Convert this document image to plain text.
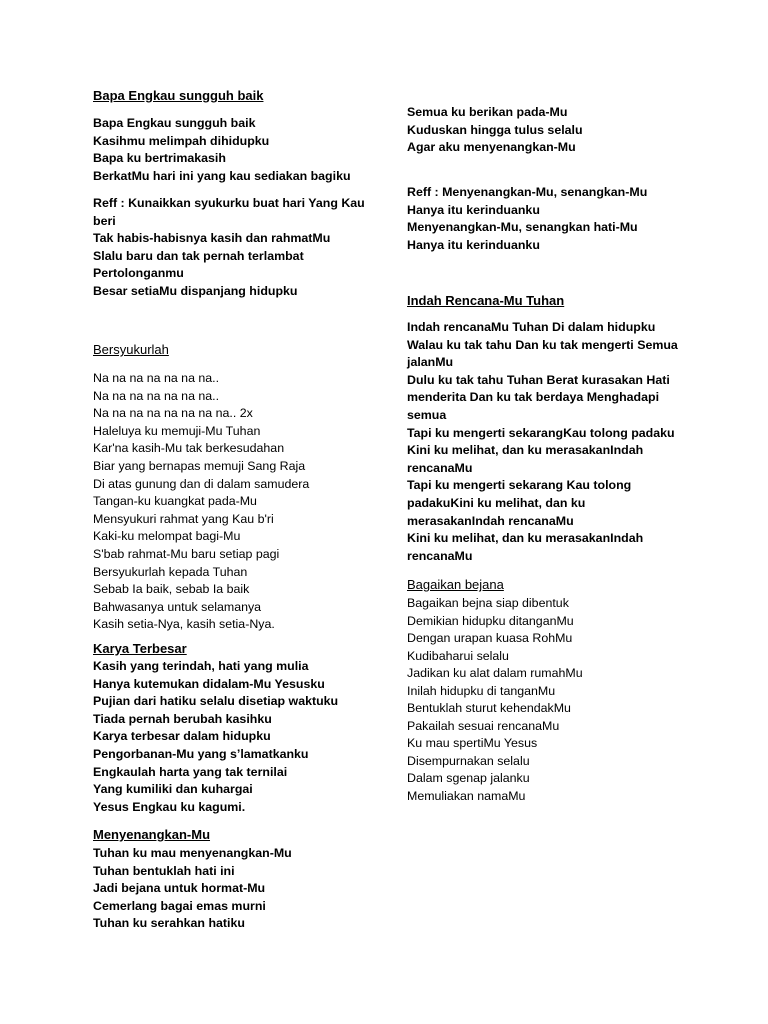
Bapa Engkau sungguh baik
Bapa Engkau sungguh baik
Kasihmu melimpah dihidupku
Bapa ku bertrimakasih
BerkatMu hari ini yang kau sediakan bagiku
Reff : Kunaikkan syukurku buat hari Yang Kau
beri
Tak habis-habisnya kasih dan rahmatMu
Slalu baru dan tak pernah terlambat
Pertolonganmu
Besar setiaMu dispanjang hidupku
Bersyukurlah
Na na na na na na na..
Na na na na na na na..
Na na na na na na na na.. 2x
Haleluya ku memuji-Mu Tuhan
Kar'na kasih-Mu tak berkesudahan
Biar yang bernapas memuji Sang Raja
Di atas gunung dan di dalam samudera
Tangan-ku kuangkat pada-Mu
Mensyukuri rahmat yang Kau b'ri
Kaki-ku melompat bagi-Mu
S'bab rahmat-Mu baru setiap pagi
Bersyukurlah kepada Tuhan
Sebab Ia baik, sebab Ia baik
Bahwasanya untuk selamanya
Kasih setia-Nya, kasih setia-Nya.
Karya Terbesar
Kasih yang terindah, hati yang mulia
Hanya kutemukan didalam-Mu Yesusku
Pujian dari hatiku selalu disetiap waktuku
Tiada pernah berubah kasihku
Karya terbesar dalam hidupku
Pengorbanan-Mu yang s’lamatkanku
Engkaulah harta yang tak ternilai
Yang kumiliki dan kuhargai
Yesus Engkau ku kagumi.
Menyenangkan-Mu
Tuhan ku mau menyenangkan-Mu
Tuhan bentuklah hati ini
Jadi bejana untuk hormat-Mu
Cemerlang bagai emas murni
Tuhan ku serahkan hatiku
Semua ku berikan pada-Mu
Kuduskan hingga tulus selalu
Agar aku menyenangkan-Mu
Reff : Menyenangkan-Mu, senangkan-Mu
Hanya itu kerinduanku
Menyenangkan-Mu, senangkan hati-Mu
Hanya itu kerinduanku
Indah Rencana-Mu Tuhan
Indah rencanaMu Tuhan Di dalam hidupku
Walau ku tak tahu Dan ku tak mengerti Semua
jalanMu
Dulu ku tak tahu Tuhan Berat kurasakan Hati
menderita Dan ku tak berdaya Menghadapi
semua
Tapi ku mengerti sekarangKau tolong padaku
Kini ku melihat, dan ku merasakanIndah
rencanaMu
Tapi ku mengerti sekarang Kau tolong
padakuKini ku melihat, dan ku
merasakanIndah rencanaMu
Kini ku melihat, dan ku merasakanIndah
rencanaMu
Bagaikan bejana
Bagaikan bejna siap dibentuk
Demikian hidupku ditanganMu
Dengan urapan kuasa RohMu
Kudibaharui selalu
Jadikan ku alat dalam rumahMu
Inilah hidupku di tanganMu
Bentuklah sturut kehendakMu
Pakailah sesuai rencanaMu
Ku mau spertiMu Yesus
Disempurnakan selalu
Dalam sgenap jalanku
Memuliakan namaMu
